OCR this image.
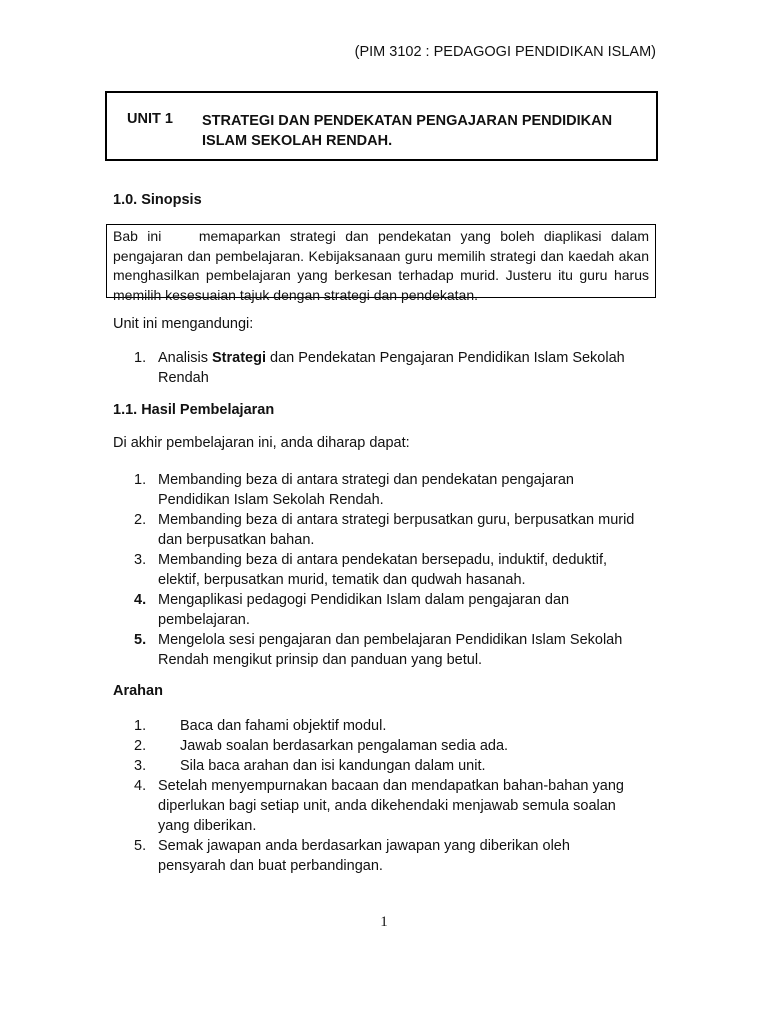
(PIM 3102 : PEDAGOGI PENDIDIKAN ISLAM)
UNIT 1 STRATEGI DAN PENDEKATAN PENGAJARAN PENDIDIKAN
ISLAM SEKOLAH RENDAH.
1.0. Sinopsis
Bab ini    memaparkan strategi dan pendekatan yang boleh diaplikasi dalam pengajaran dan pembelajaran. Kebijaksanaan guru memilih strategi dan kaedah akan menghasilkan pembelajaran yang berkesan terhadap murid. Justeru itu guru harus memilih kesesuaian tajuk dengan strategi dan pendekatan.
Unit ini mengandungi:
1. Analisis Strategi dan Pendekatan Pengajaran Pendidikan Islam Sekolah
Rendah
1.1. Hasil Pembelajaran
Di akhir pembelajaran ini, anda diharap dapat:
1. Membanding beza di antara strategi dan pendekatan pengajaran
Pendidikan Islam Sekolah Rendah.
2. Membanding beza di antara strategi berpusatkan guru, berpusatkan murid
dan berpusatkan bahan.
3. Membanding beza di antara pendekatan bersepadu, induktif, deduktif,
elektif, berpusatkan murid, tematik dan qudwah hasanah.
4. Mengaplikasi pedagogi Pendidikan Islam dalam pengajaran dan
pembelajaran.
5. Mengelola sesi pengajaran dan pembelajaran Pendidikan Islam Sekolah
Rendah mengikut prinsip dan panduan yang betul.
Arahan
1.	Baca dan fahami objektif modul.
2.	Jawab soalan berdasarkan pengalaman sedia ada.
3.	Sila baca arahan dan isi kandungan dalam unit.
4. Setelah menyempurnakan bacaan dan mendapatkan bahan-bahan yang
diperlukan bagi setiap unit, anda dikehendaki menjawab semula soalan
yang diberikan.
5. Semak jawapan anda berdasarkan jawapan yang diberikan oleh
pensyarah dan buat perbandingan.
1
